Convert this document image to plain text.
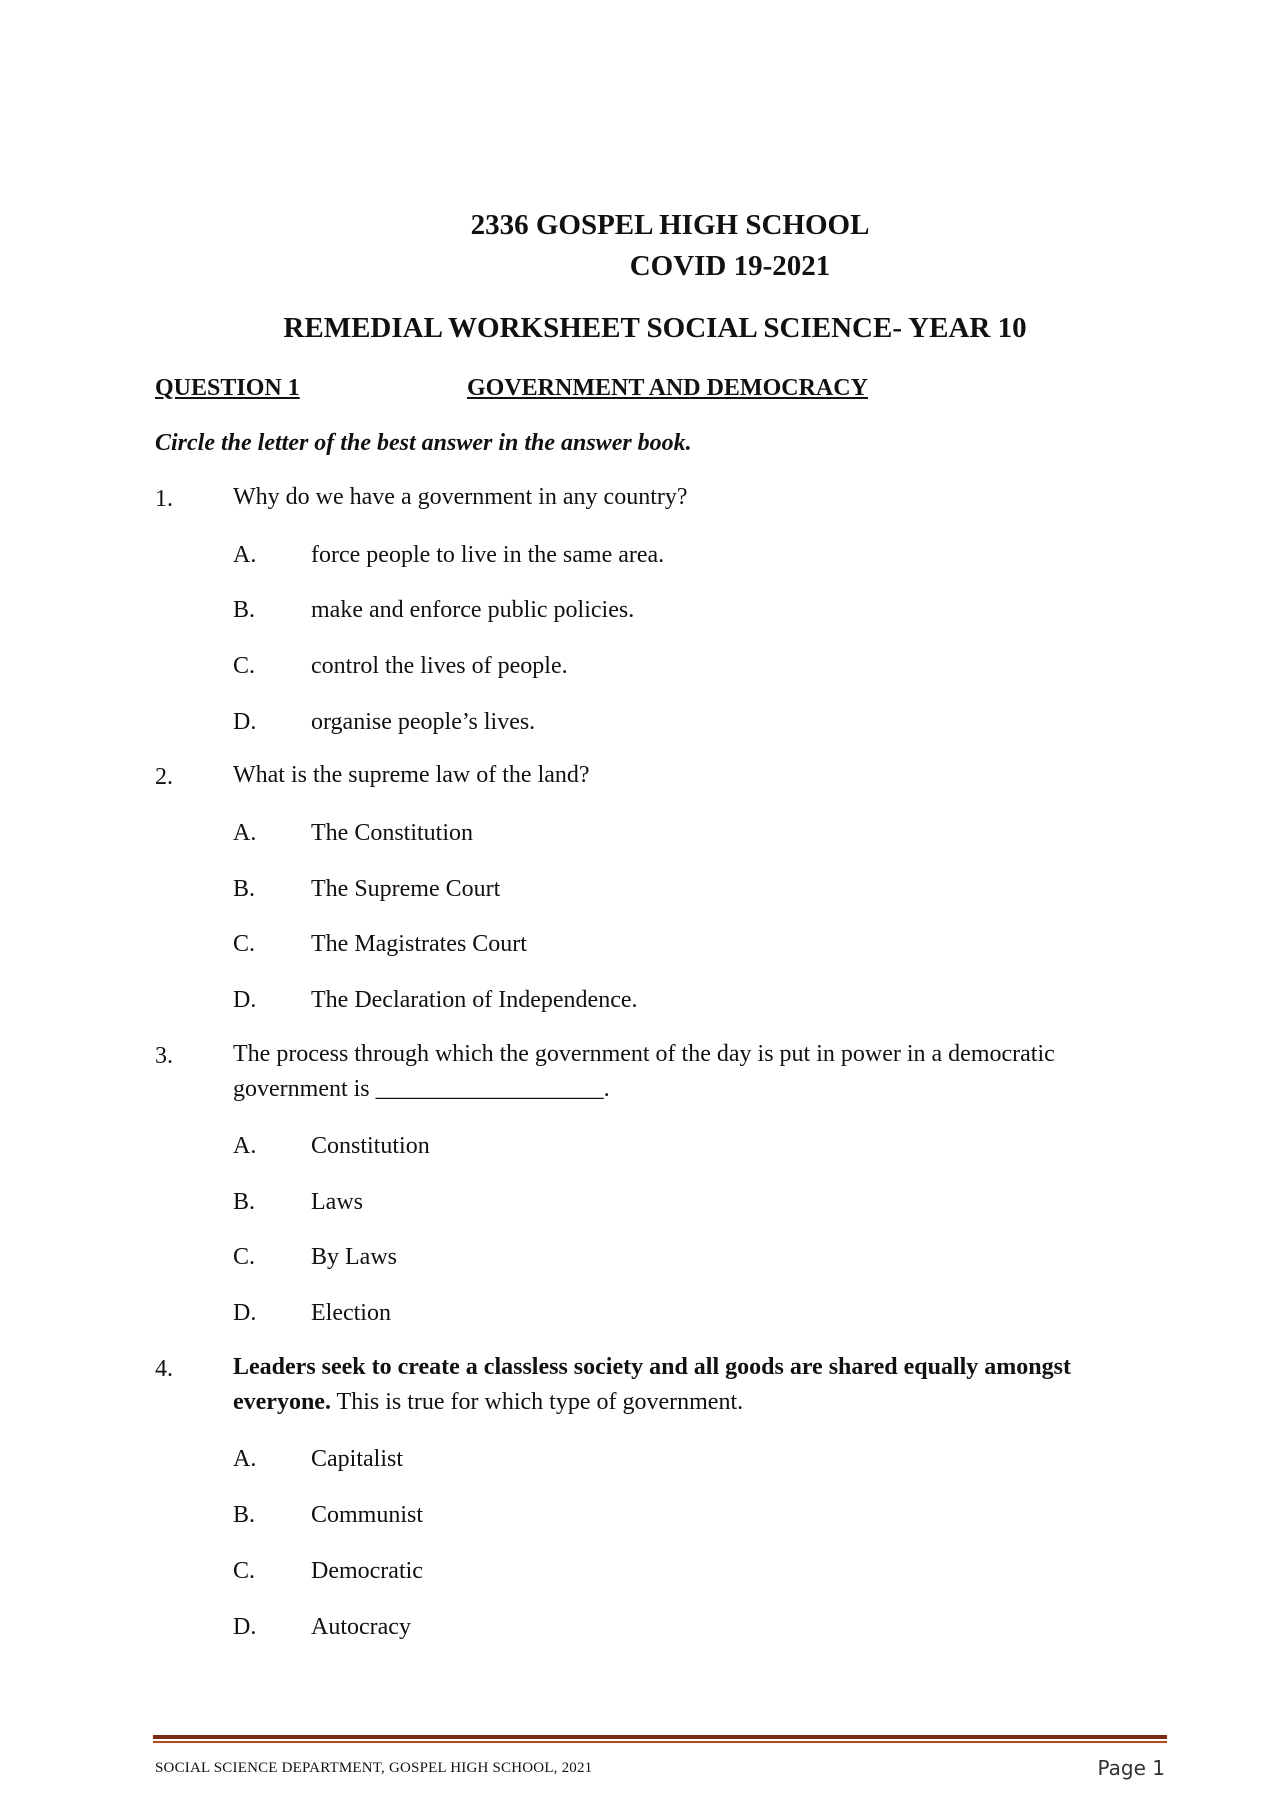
2336 GOSPEL HIGH SCHOOL
COVID 19-2021
REMEDIAL WORKSHEET SOCIAL SCIENCE- YEAR 10
QUESTION 1	GOVERNMENT AND DEMOCRACY
Circle the letter of the best answer in the answer book.
1.	Why do we have a government in any country?
A. force people to live in the same area.
B. make and enforce public policies.
C. control the lives of people.
D. organise people’s lives.
2.	What is the supreme law of the land?
A. The Constitution
B. The Supreme Court
C. The Magistrates Court
D. The Declaration of Independence.
3.	The process through which the government of the day is put in power in a democratic government is ___________________.
A. Constitution
B. Laws
C. By Laws
D. Election
4.	Leaders seek to create a classless society and all goods are shared equally amongst everyone. This is true for which type of government.
A. Capitalist
B. Communist
C. Democratic
D. Autocracy
SOCIAL SCIENCE DEPARTMENT, GOSPEL HIGH SCHOOL, 2021	Page 1
